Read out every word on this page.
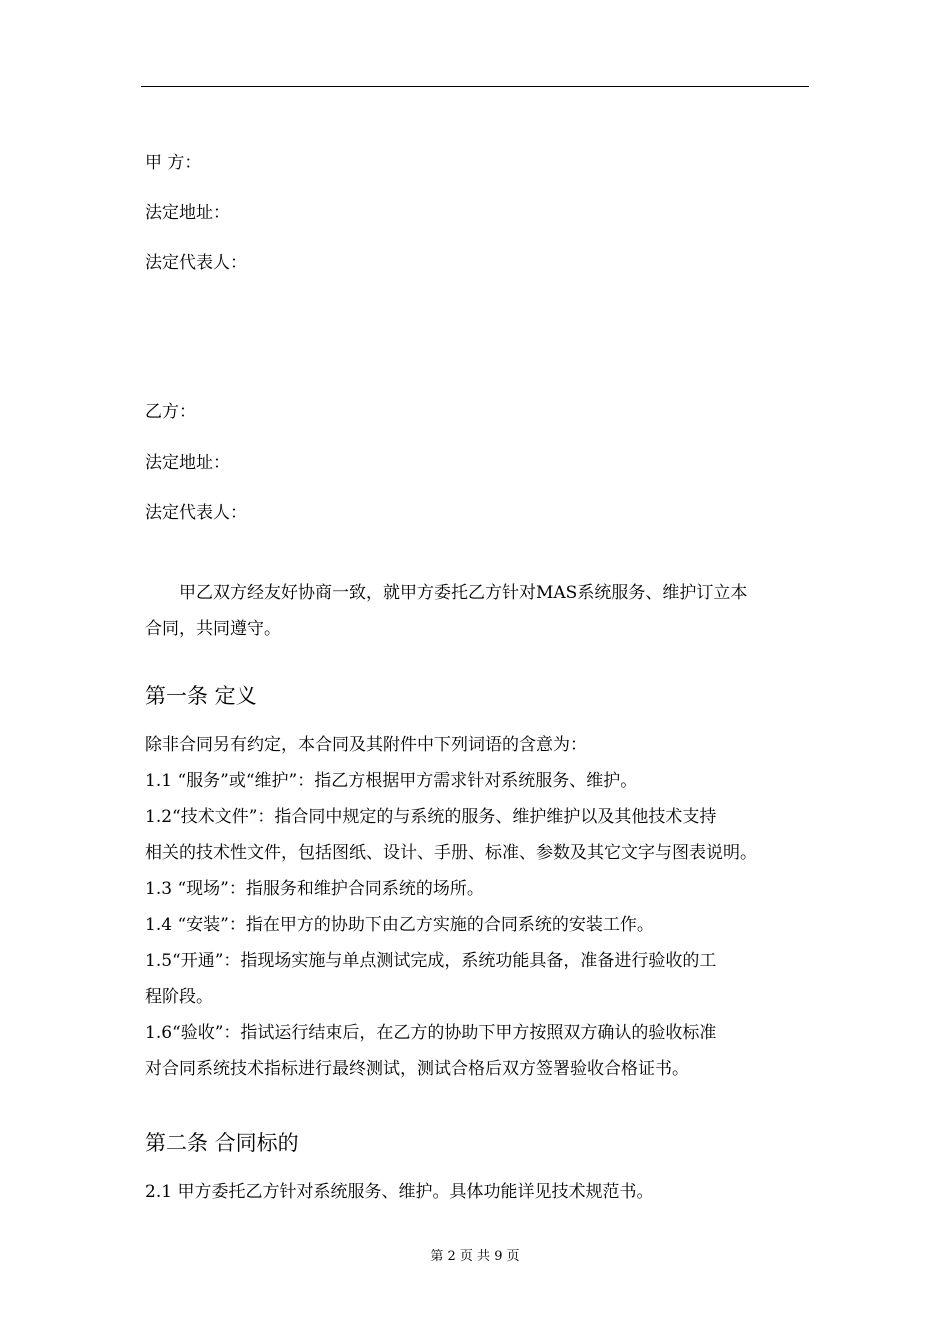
甲 方：
法定地址：
法定代表人：
乙方：
法定地址：
法定代表人：
甲乙双方经友好协商一致，就甲方委托乙方针对MAS系统服务、维护订立本
合同，共同遵守。
第一条 定义
除非合同另有约定，本合同及其附件中下列词语的含意为：
1.1 “服务”或“维护”：指乙方根据甲方需求针对系统服务、维护。
1.2“技术文件”：指合同中规定的与系统的服务、维护维护以及其他技术支持
相关的技术性文件，包括图纸、设计、手册、标准、参数及其它文字与图表说明。
1.3 “现场”：指服务和维护合同系统的场所。
1.4 “安装”：指在甲方的协助下由乙方实施的合同系统的安装工作。
1.5“开通”：指现场实施与单点测试完成，系统功能具备，准备进行验收的工
程阶段。
1.6“验收”：指试运行结束后，在乙方的协助下甲方按照双方确认的验收标准
对合同系统技术指标进行最终测试，测试合格后双方签署验收合格证书。
第二条 合同标的
2.1 甲方委托乙方针对系统服务、维护。具体功能详见技术规范书。
第 2 页 共 9 页
